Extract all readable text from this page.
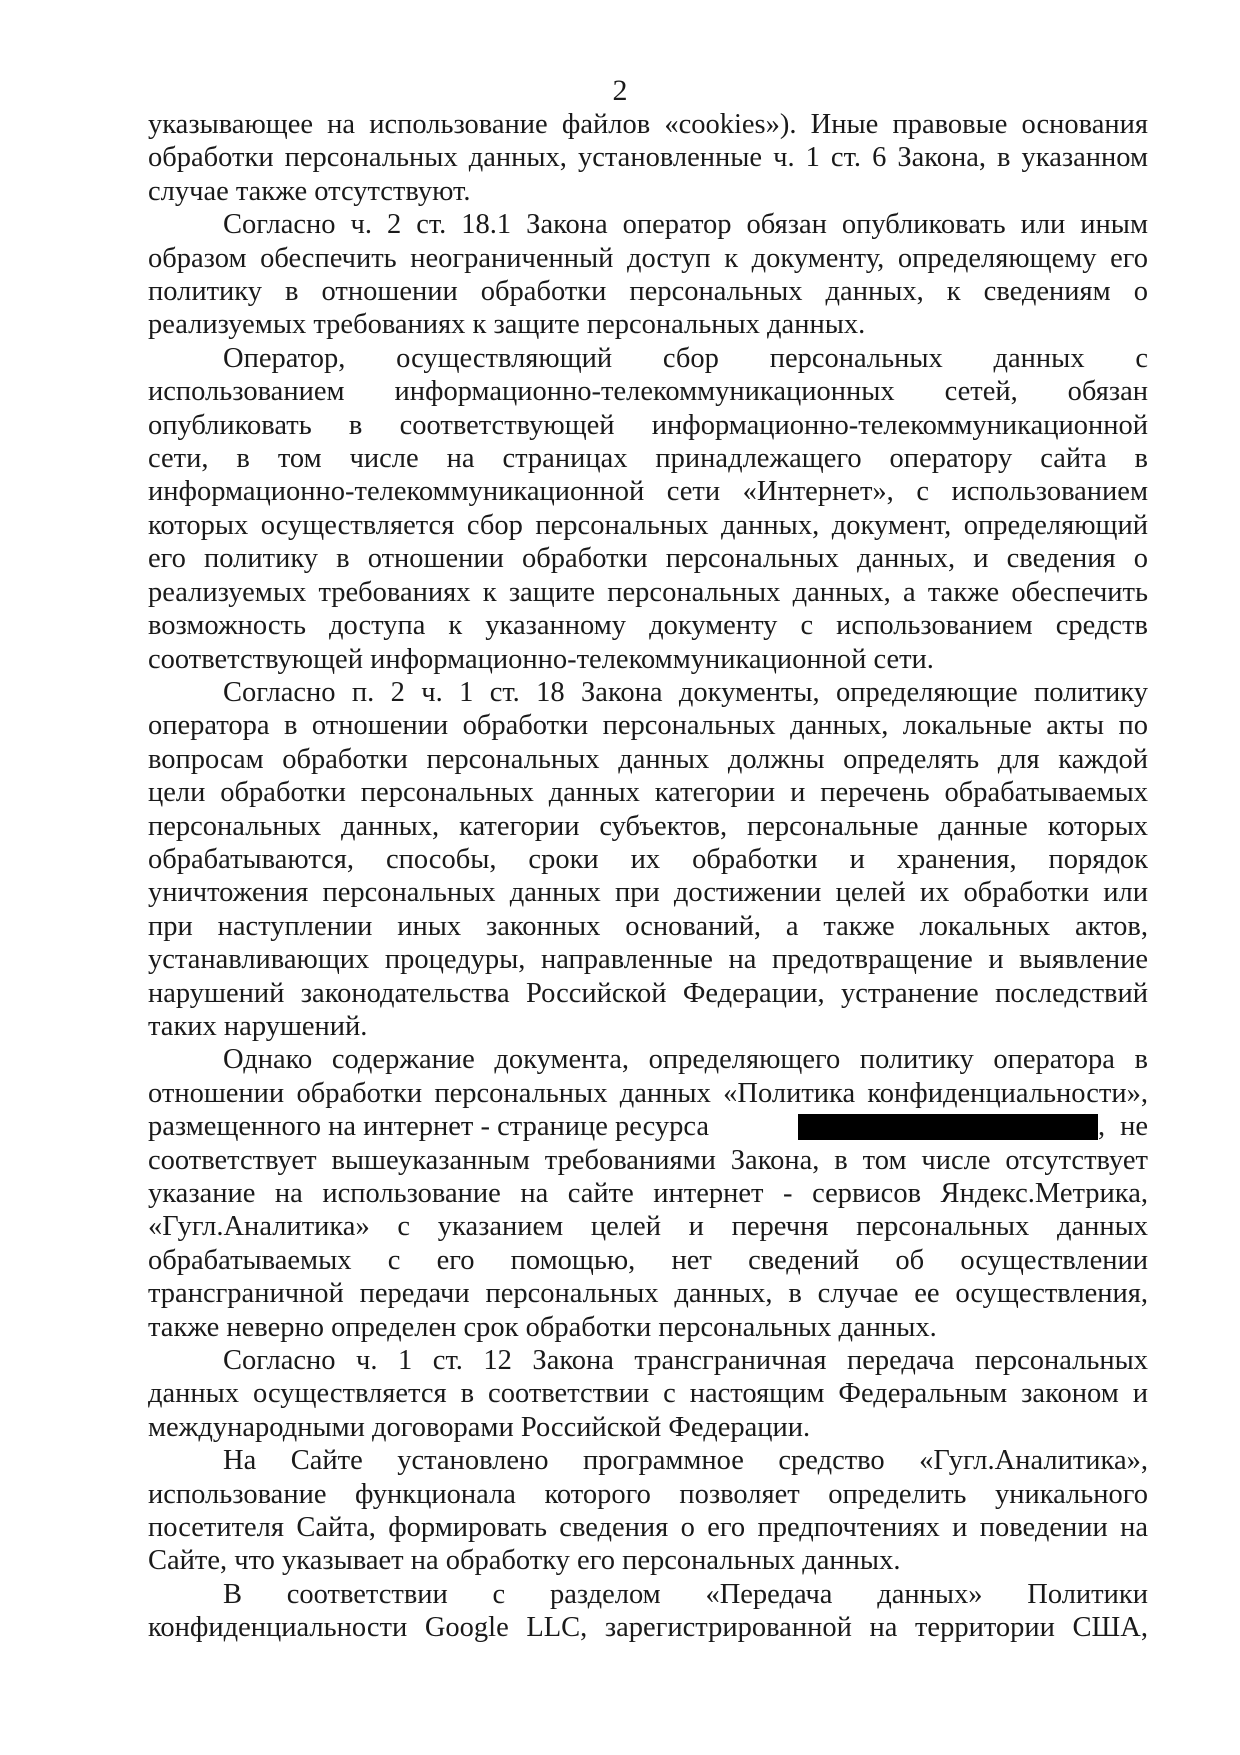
2
указывающее на использование файлов «cookies»). Иные правовые основания
обработки персональных данных, установленные ч. 1 ст. 6 Закона, в указанном
случае также отсутствуют.
Согласно ч. 2 ст. 18.1 Закона оператор обязан опубликовать или иным
образом обеспечить неограниченный доступ к документу, определяющему его
политику в отношении обработки персональных данных, к сведениям о
реализуемых требованиях к защите персональных данных.
Оператор, осуществляющий сбор персональных данных с
использованием информационно-телекоммуникационных сетей, обязан
опубликовать в соответствующей информационно-телекоммуникационной
сети, в том числе на страницах принадлежащего оператору сайта в
информационно-телекоммуникационной сети «Интернет», с использованием
которых осуществляется сбор персональных данных, документ, определяющий
его политику в отношении обработки персональных данных, и сведения о
реализуемых требованиях к защите персональных данных, а также обеспечить
возможность доступа к указанному документу с использованием средств
соответствующей информационно-телекоммуникационной сети.
Согласно п. 2 ч. 1 ст. 18 Закона документы, определяющие политику
оператора в отношении обработки персональных данных, локальные акты по
вопросам обработки персональных данных должны определять для каждой
цели обработки персональных данных категории и перечень обрабатываемых
персональных данных, категории субъектов, персональные данные которых
обрабатываются, способы, сроки их обработки и хранения, порядок
уничтожения персональных данных при достижении целей их обработки или
при наступлении иных законных оснований, а также локальных актов,
устанавливающих процедуры, направленные на предотвращение и выявление
нарушений законодательства Российской Федерации, устранение последствий
таких нарушений.
Однако содержание документа, определяющего политику оператора в
отношении обработки персональных данных «Политика конфиденциальности»,
размещенного на интернет - странице ресурса	, не
соответствует вышеуказанным требованиями Закона, в том числе отсутствует
указание на использование на сайте интернет - сервисов Яндекс.Метрика,
«Гугл.Аналитика» с указанием целей и перечня персональных данных
обрабатываемых с его помощью, нет сведений об осуществлении
трансграничной передачи персональных данных, в случае ее осуществления,
также неверно определен срок обработки персональных данных.
Согласно ч. 1 ст. 12 Закона трансграничная передача персональных
данных осуществляется в соответствии с настоящим Федеральным законом и
международными договорами Российской Федерации.
На Сайте установлено программное средство «Гугл.Аналитика»,
использование функционала которого позволяет определить уникального
посетителя Сайта, формировать сведения о его предпочтениях и поведении на
Сайте, что указывает на обработку его персональных данных.
В соответствии с разделом «Передача данных» Политики
конфиденциальности Google LLC, зарегистрированной на территории США,
